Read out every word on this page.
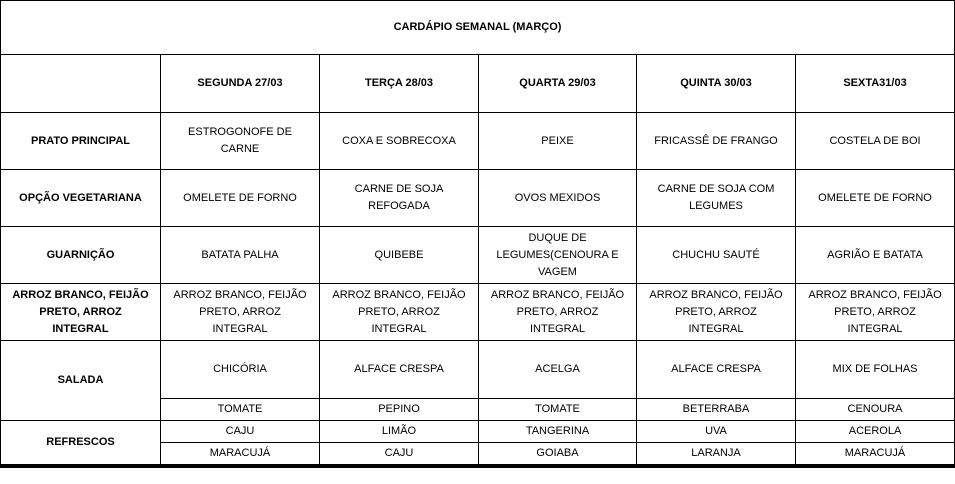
CARDÁPIO SEMANAL (MARÇO)					
	SEGUNDA 27/03	TERÇA 28/03	QUARTA 29/03	QUINTA 30/03	SEXTA31/03
PRATO PRINCIPAL	ESTROGONOFE DE CARNE	COXA E SOBRECOXA	PEIXE	FRICASSÊ DE FRANGO	COSTELA DE BOI
OPÇÃO VEGETARIANA	OMELETE DE FORNO	CARNE DE SOJA REFOGADA	OVOS MEXIDOS	CARNE DE SOJA COM LEGUMES	OMELETE DE FORNO
GUARNIÇÃO	BATATA PALHA	QUIBEBE	DUQUE DE LEGUMES(CENOURA E VAGEM	CHUCHU SAUTÉ	AGRIÃO E BATATA
ARROZ BRANCO, FEIJÃO PRETO, ARROZ INTEGRAL	ARROZ BRANCO, FEIJÃO PRETO, ARROZ INTEGRAL	ARROZ BRANCO, FEIJÃO PRETO, ARROZ INTEGRAL	ARROZ BRANCO, FEIJÃO PRETO, ARROZ INTEGRAL	ARROZ BRANCO, FEIJÃO PRETO, ARROZ INTEGRAL	ARROZ BRANCO, FEIJÃO PRETO, ARROZ INTEGRAL
SALADA	CHICÓRIA	ALFACE CRESPA	ACELGA	ALFACE CRESPA	MIX DE FOLHAS
	TOMATE	PEPINO	TOMATE	BETERRABA	CENOURA
REFRESCOS	CAJU	LIMÃO	TANGERINA	UVA	ACEROLA
	MARACUJÁ	CAJU	GOIABA	LARANJA	MARACUJÁ
